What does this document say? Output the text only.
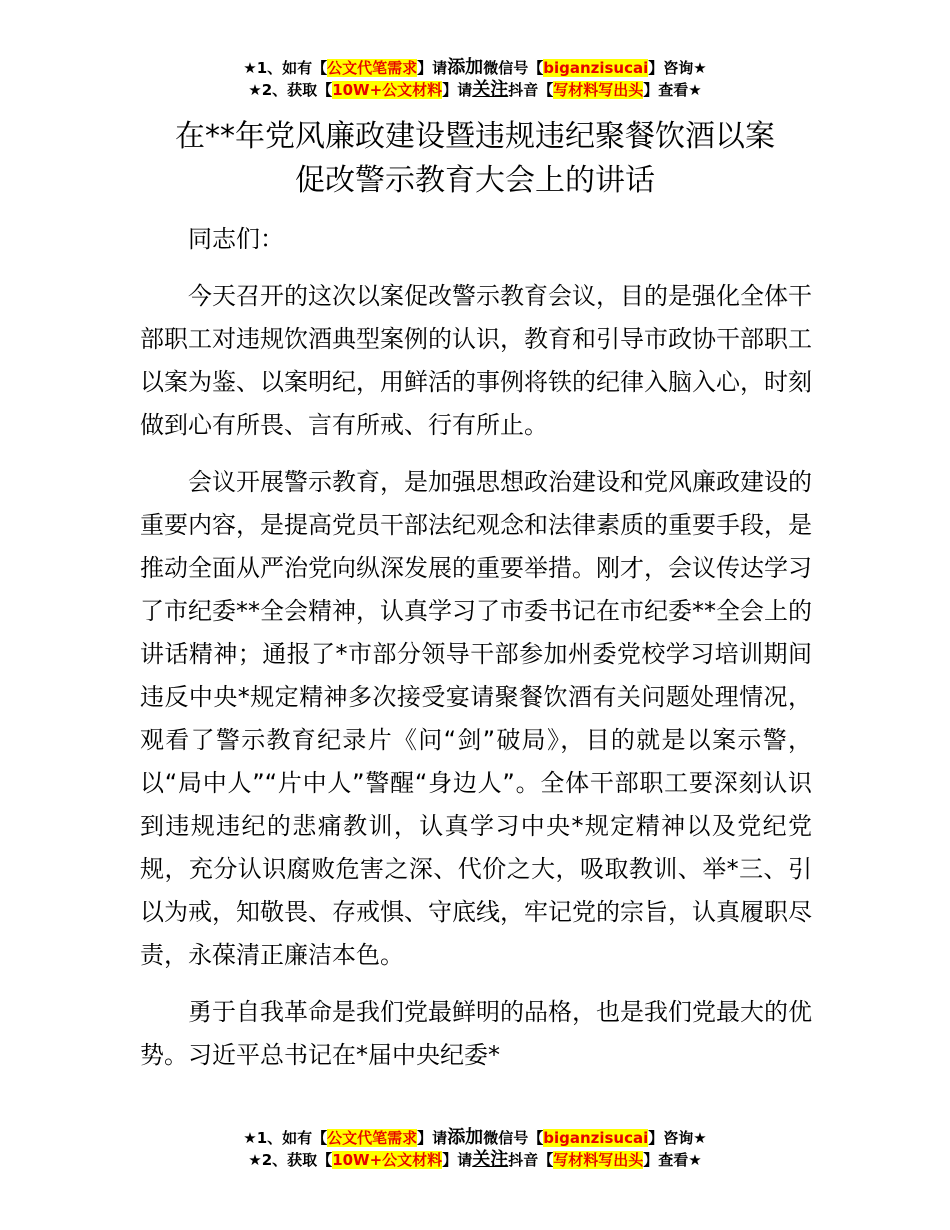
★1、如有【公文代笔需求】请添加微信号【biganzisucai】咨询★
★2、获取【10W+公文材料】请关注抖音【写材料写出头】查看★
在**年党风廉政建设暨违规违纪聚餐饮酒以案
促改警示教育大会上的讲话

同志们：

今天召开的这次以案促改警示教育会议，目的是强化全体干部职工对违规饮酒典型案例的认识，教育和引导市政协干部职工以案为鉴、以案明纪，用鲜活的事例将铁的纪律入脑入心，时刻做到心有所畏、言有所戒、行有所止。

会议开展警示教育，是加强思想政治建设和党风廉政建设的重要内容，是提高党员干部法纪观念和法律素质的重要手段，是推动全面从严治党向纵深发展的重要举措。刚才，会议传达学习了市纪委**全会精神，认真学习了市委书记在市纪委**全会上的讲话精神；通报了*市部分领导干部参加州委党校学习培训期间违反中央*规定精神多次接受宴请聚餐饮酒有关问题处理情况，观看了警示教育纪录片《问“剑”破局》，目的就是以案示警，以“局中人”“片中人”警醒“身边人”。全体干部职工要深刻认识到违规违纪的悲痛教训，认真学习中央*规定精神以及党纪党规，充分认识腐败危害之深、代价之大，吸取教训、举*三、引以为戒，知敬畏、存戒惧、守底线，牢记党的宗旨，认真履职尽责，永葆清正廉洁本色。

勇于自我革命是我们党最鲜明的品格，也是我们党最大的优势。习近平总书记在*届中央纪委*

★1、如有【公文代笔需求】请添加微信号【biganzisucai】咨询★
★2、获取【10W+公文材料】请关注抖音【写材料写出头】查看★
